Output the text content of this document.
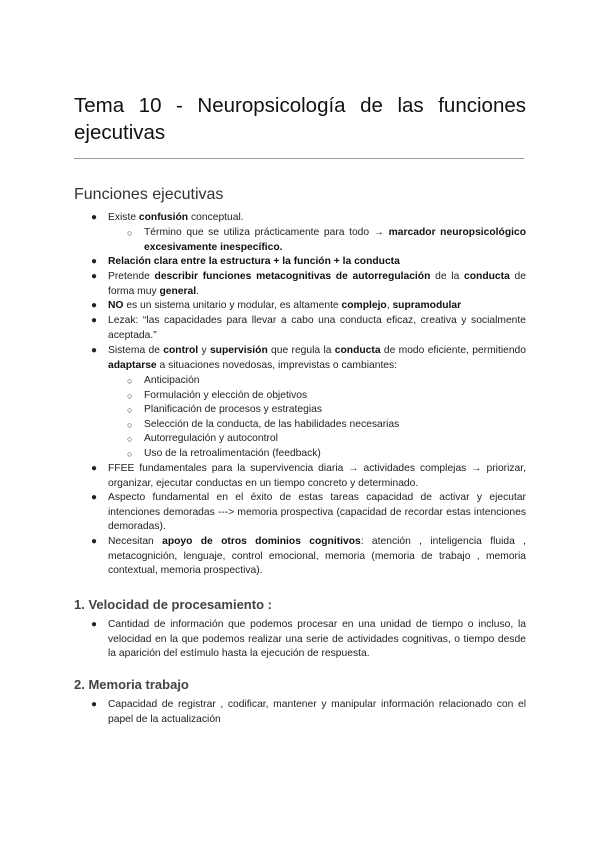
Tema 10 - Neuropsicología de las funciones ejecutivas
Funciones ejecutivas
● Existe confusión conceptual.
○ Término que se utiliza prácticamente para todo → marcador neuropsicológico excesivamente inespecífico.
● Relación clara entre la estructura + la función + la conducta
● Pretende describir funciones metacognitivas de autorregulación de la conducta de forma muy general.
● NO es un sistema unitario y modular, es altamente complejo, supramodular
● Lezak: “las capacidades para llevar a cabo una conducta eficaz, creativa y socialmente aceptada.”
● Sistema de control y supervisión que regula la conducta de modo eficiente, permitiendo adaptarse a situaciones novedosas, imprevistas o cambiantes:
○ Anticipación
○ Formulación y elección de objetivos
○ Planificación de procesos y estrategias
○ Selección de la conducta, de las habilidades necesarias
○ Autorregulación y autocontrol
○ Uso de la retroalimentación (feedback)
● FFEE fundamentales para la supervivencia diaria → actividades complejas → priorizar, organizar, ejecutar conductas en un tiempo concreto y determinado.
● Aspecto fundamental en el éxito de estas tareas capacidad de activar y ejecutar intenciones demoradas ---> memoria prospectiva (capacidad de recordar estas intenciones demoradas).
● Necesitan apoyo de otros dominios cognitivos: atención , inteligencia fluida , metacognición, lenguaje, control emocional, memoria (memoria de trabajo , memoria contextual, memoria prospectiva).
1. Velocidad de procesamiento :
● Cantidad de información que podemos procesar en una unidad de tiempo o incluso, la velocidad en la que podemos realizar una serie de actividades cognitivas, o tiempo desde la aparición del estímulo hasta la ejecución de respuesta.
2. Memoria trabajo
● Capacidad de registrar , codificar, mantener y manipular información relacionado con el papel de la actualización
